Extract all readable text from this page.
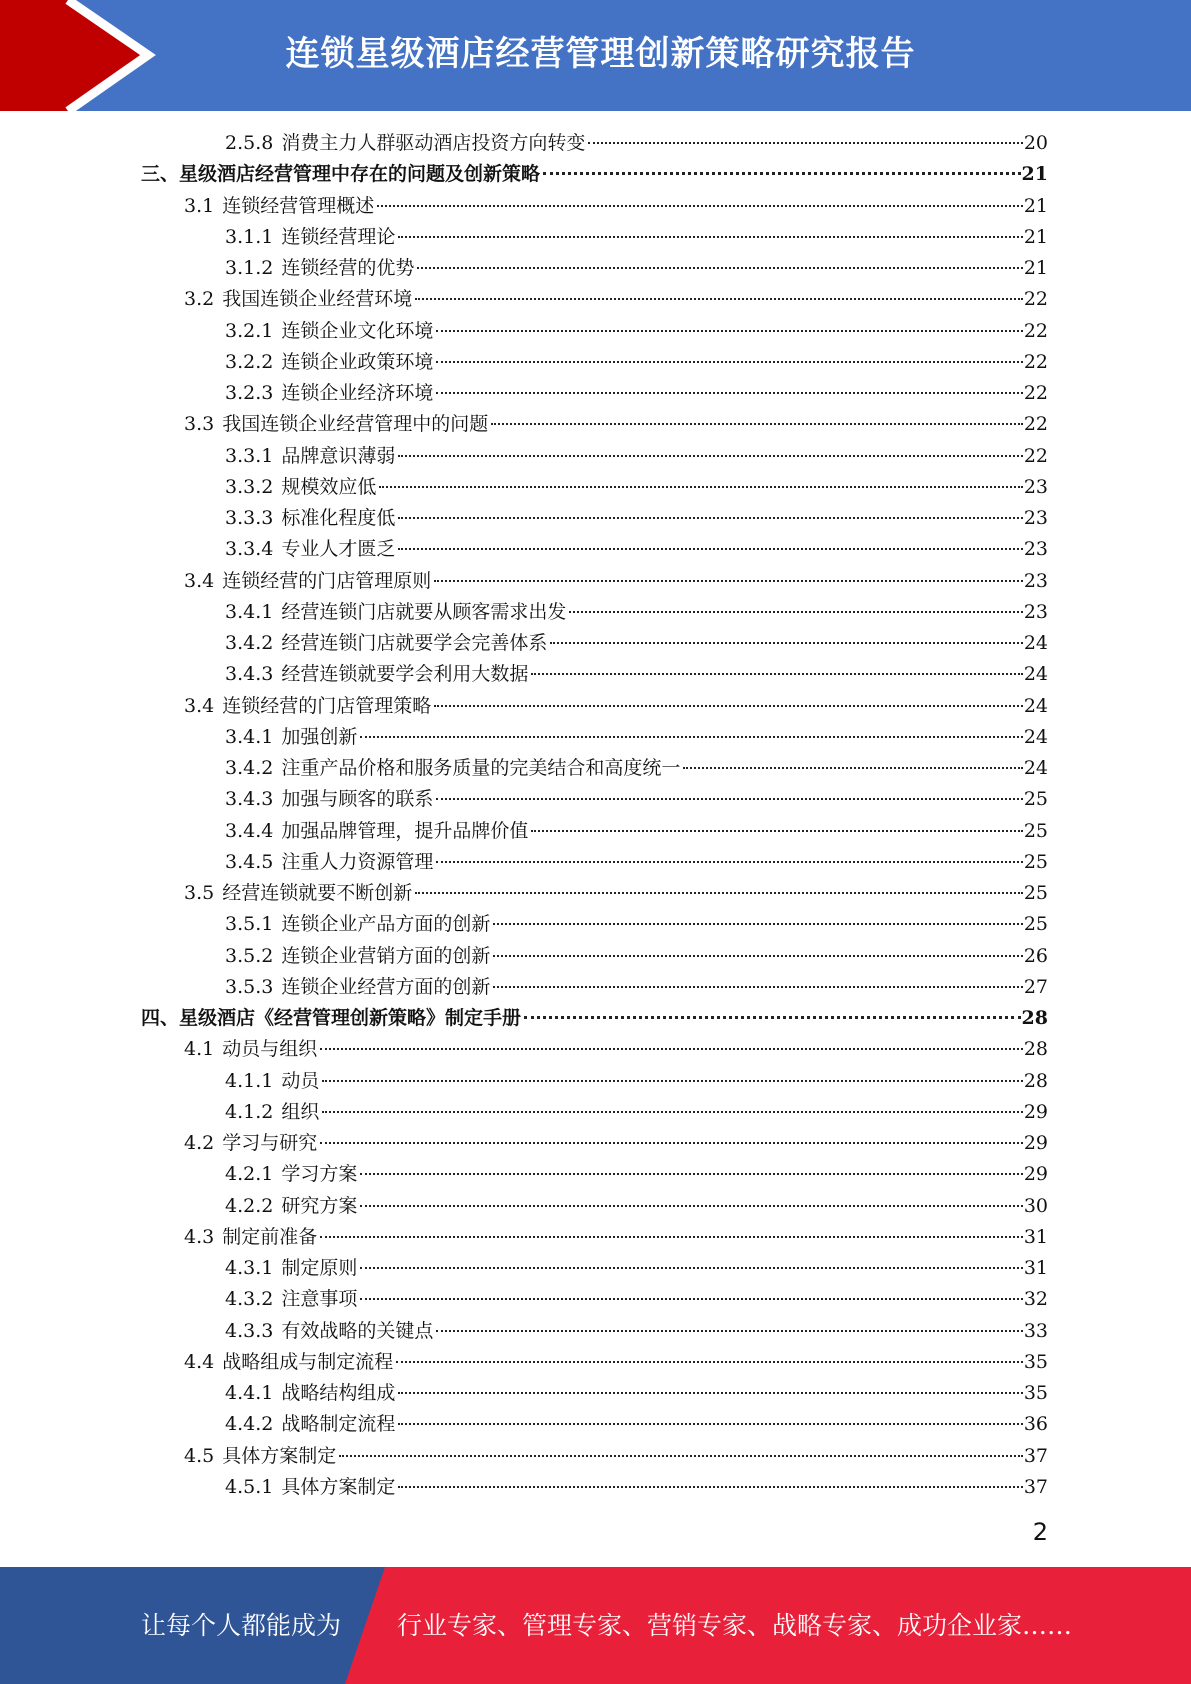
连锁星级酒店经营管理创新策略研究报告
2.5.8 消费主力人群驱动酒店投资方向转变	20
三、星级酒店经营管理中存在的问题及创新策略	21
3.1 连锁经营管理概述	21
3.1.1 连锁经营理论	21
3.1.2 连锁经营的优势	21
3.2 我国连锁企业经营环境	22
3.2.1 连锁企业文化环境	22
3.2.2 连锁企业政策环境	22
3.2.3 连锁企业经济环境	22
3.3 我国连锁企业经营管理中的问题	22
3.3.1 品牌意识薄弱	22
3.3.2 规模效应低	23
3.3.3 标准化程度低	23
3.3.4 专业人才匮乏	23
3.4 连锁经营的门店管理原则	23
3.4.1 经营连锁门店就要从顾客需求出发	23
3.4.2 经营连锁门店就要学会完善体系	24
3.4.3 经营连锁就要学会利用大数据	24
3.4 连锁经营的门店管理策略	24
3.4.1 加强创新	24
3.4.2 注重产品价格和服务质量的完美结合和高度统一	24
3.4.3 加强与顾客的联系	25
3.4.4 加强品牌管理，提升品牌价值	25
3.4.5 注重人力资源管理	25
3.5 经营连锁就要不断创新	25
3.5.1 连锁企业产品方面的创新	25
3.5.2 连锁企业营销方面的创新	26
3.5.3 连锁企业经营方面的创新	27
四、星级酒店《经营管理创新策略》制定手册	28
4.1 动员与组织	28
4.1.1 动员	28
4.1.2 组织	29
4.2 学习与研究	29
4.2.1 学习方案	29
4.2.2 研究方案	30
4.3 制定前准备	31
4.3.1 制定原则	31
4.3.2 注意事项	32
4.3.3 有效战略的关键点	33
4.4 战略组成与制定流程	35
4.4.1 战略结构组成	35
4.4.2 战略制定流程	36
4.5 具体方案制定	37
4.5.1 具体方案制定	37
2
让每个人都能成为 行业专家、管理专家、营销专家、战略专家、成功企业家……
